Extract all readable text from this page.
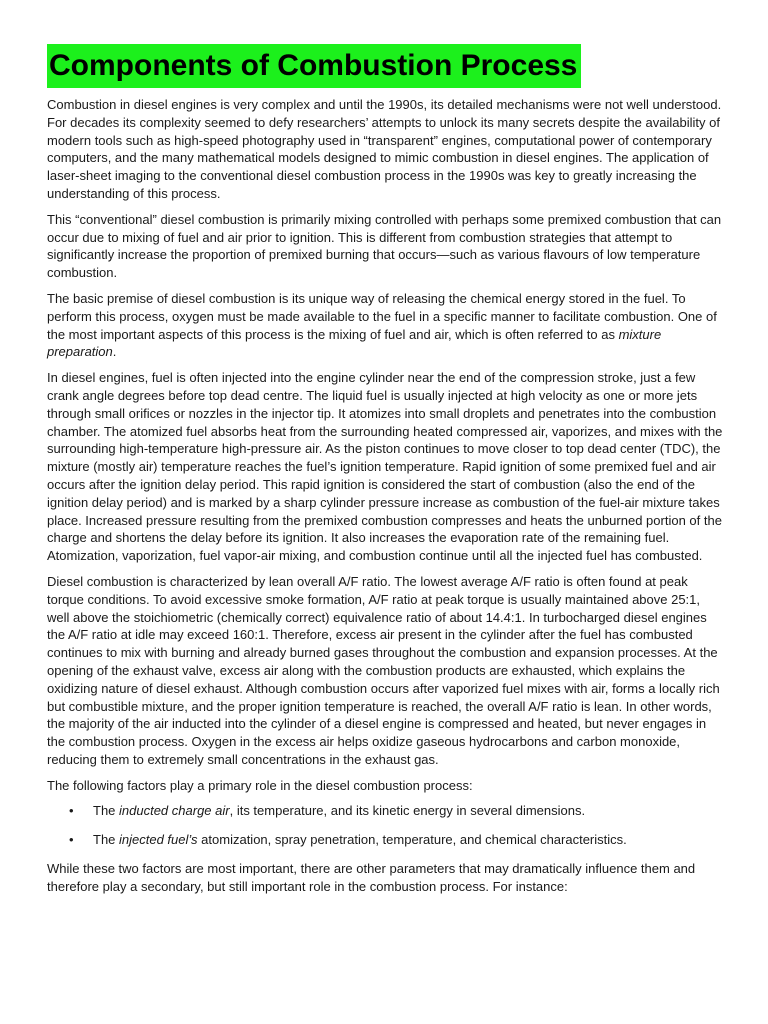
Components of Combustion Process

Combustion in diesel engines is very complex and until the 1990s, its detailed mechanisms were not well understood. For decades its complexity seemed to defy researchers’ attempts to unlock its many secrets despite the availability of modern tools such as high-speed photography used in “transparent” engines, computational power of contemporary computers, and the many mathematical models designed to mimic combustion in diesel engines. The application of laser-sheet imaging to the conventional diesel combustion process in the 1990s was key to greatly increasing the understanding of this process.

This “conventional” diesel combustion is primarily mixing controlled with perhaps some premixed combustion that can occur due to mixing of fuel and air prior to ignition. This is different from combustion strategies that attempt to significantly increase the proportion of premixed burning that occurs—such as various flavours of low temperature combustion.

The basic premise of diesel combustion is its unique way of releasing the chemical energy stored in the fuel. To perform this process, oxygen must be made available to the fuel in a specific manner to facilitate combustion. One of the most important aspects of this process is the mixing of fuel and air, which is often referred to as mixture preparation.

In diesel engines, fuel is often injected into the engine cylinder near the end of the compression stroke, just a few crank angle degrees before top dead centre. The liquid fuel is usually injected at high velocity as one or more jets through small orifices or nozzles in the injector tip. It atomizes into small droplets and penetrates into the combustion chamber. The atomized fuel absorbs heat from the surrounding heated compressed air, vaporizes, and mixes with the surrounding high-temperature high-pressure air. As the piston continues to move closer to top dead center (TDC), the mixture (mostly air) temperature reaches the fuel’s ignition temperature. Rapid ignition of some premixed fuel and air occurs after the ignition delay period. This rapid ignition is considered the start of combustion (also the end of the ignition delay period) and is marked by a sharp cylinder pressure increase as combustion of the fuel-air mixture takes place. Increased pressure resulting from the premixed combustion compresses and heats the unburned portion of the charge and shortens the delay before its ignition. It also increases the evaporation rate of the remaining fuel. Atomization, vaporization, fuel vapor-air mixing, and combustion continue until all the injected fuel has combusted.

Diesel combustion is characterized by lean overall A/F ratio. The lowest average A/F ratio is often found at peak torque conditions. To avoid excessive smoke formation, A/F ratio at peak torque is usually maintained above 25:1, well above the stoichiometric (chemically correct) equivalence ratio of about 14.4:1. In turbocharged diesel engines the A/F ratio at idle may exceed 160:1. Therefore, excess air present in the cylinder after the fuel has combusted continues to mix with burning and already burned gases throughout the combustion and expansion processes. At the opening of the exhaust valve, excess air along with the combustion products are exhausted, which explains the oxidizing nature of diesel exhaust. Although combustion occurs after vaporized fuel mixes with air, forms a locally rich but combustible mixture, and the proper ignition temperature is reached, the overall A/F ratio is lean. In other words, the majority of the air inducted into the cylinder of a diesel engine is compressed and heated, but never engages in the combustion process. Oxygen in the excess air helps oxidize gaseous hydrocarbons and carbon monoxide, reducing them to extremely small concentrations in the exhaust gas.

The following factors play a primary role in the diesel combustion process:

• The inducted charge air, its temperature, and its kinetic energy in several dimensions.
• The injected fuel’s atomization, spray penetration, temperature, and chemical characteristics.

While these two factors are most important, there are other parameters that may dramatically influence them and therefore play a secondary, but still important role in the combustion process. For instance:
